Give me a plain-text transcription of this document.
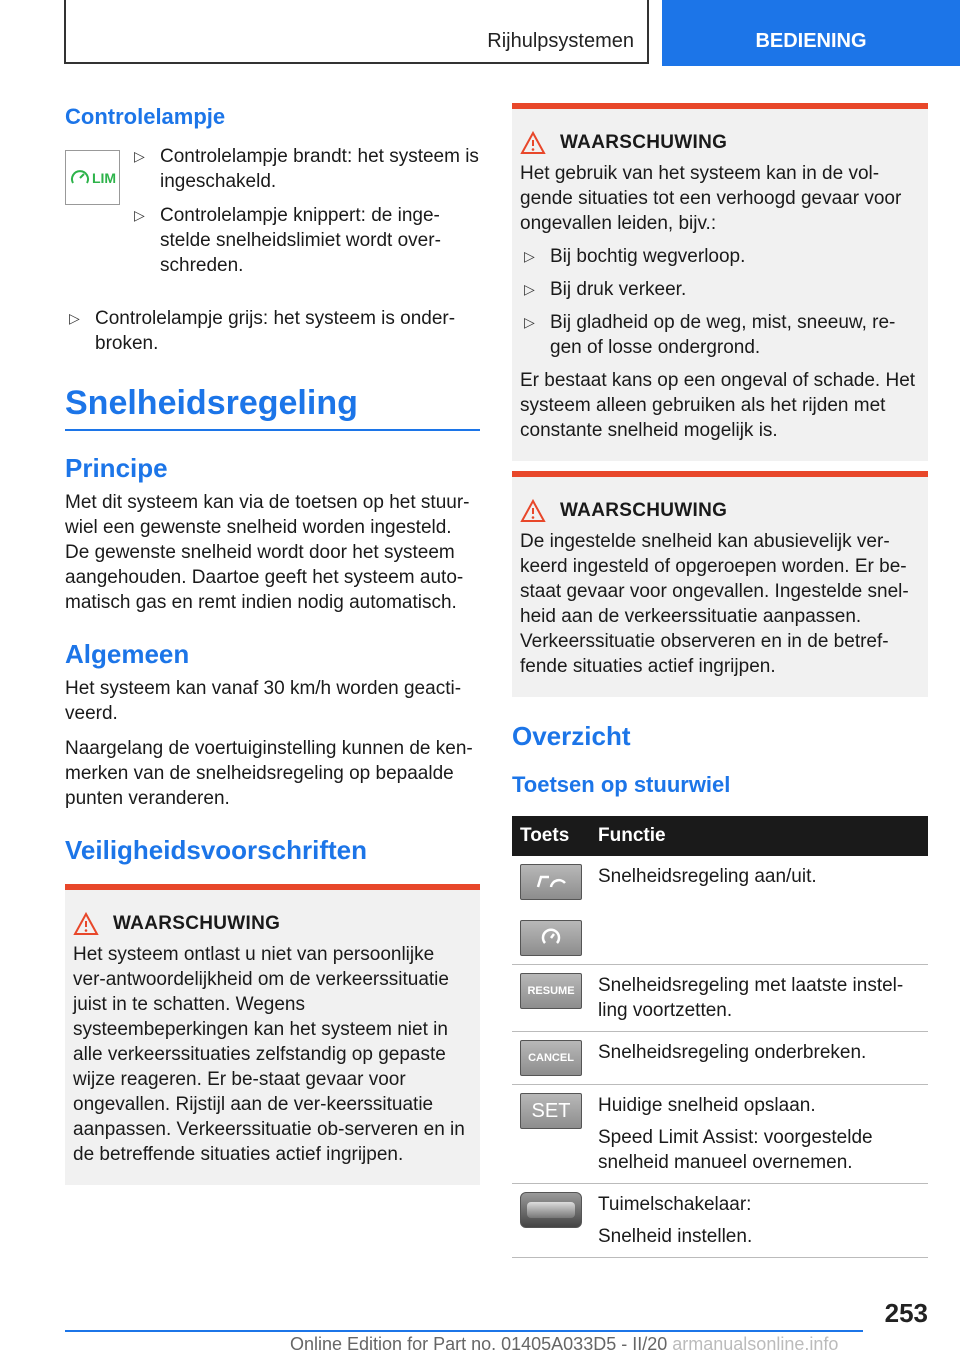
Rijhulpsystemen	BEDIENING
Controlelampje
LIM
▷ Controlelampje brandt: het systeem is ingeschakeld.
▷ Controlelampje knippert: de inge-stelde snelheidslimiet wordt over-schreden.
▷ Controlelampje grijs: het systeem is onder-broken.
Snelheidsregeling
Principe
Met dit systeem kan via de toetsen op het stuur-wiel een gewenste snelheid worden ingesteld. De gewenste snelheid wordt door het systeem aangehouden. Daartoe geeft het systeem auto-matisch gas en remt indien nodig automatisch.
Algemeen
Het systeem kan vanaf 30 km/h worden geacti-veerd.
Naargelang de voertuiginstelling kunnen de ken-merken van de snelheidsregeling op bepaalde punten veranderen.
Veiligheidsvoorschriften
WAARSCHUWING
Het systeem ontlast u niet van persoonlijke ver-antwoordelijkheid om de verkeerssituatie juist in te schatten. Wegens systeembeperkingen kan het systeem niet in alle verkeerssituaties zelfstandig op gepaste wijze reageren. Er be-staat gevaar voor ongevallen. Rijstijl aan de ver-keerssituatie aanpassen. Verkeerssituatie ob-serveren en in de betreffende situaties actief ingrijpen.
WAARSCHUWING
Het gebruik van het systeem kan in de vol-gende situaties tot een verhoogd gevaar voor ongevallen leiden, bijv.:
▷ Bij bochtig wegverloop.
▷ Bij druk verkeer.
▷ Bij gladheid op de weg, mist, sneeuw, re-gen of losse ondergrond.
Er bestaat kans op een ongeval of schade. Het systeem alleen gebruiken als het rijden met constante snelheid mogelijk is.
WAARSCHUWING
De ingestelde snelheid kan abusievelijk ver-keerd ingesteld of opgeroepen worden. Er be-staat gevaar voor ongevallen. Ingestelde snel-heid aan de verkeerssituatie aanpassen. Verkeerssituatie observeren en in de betref-fende situaties actief ingrijpen.
Overzicht
Toetsen op stuurwiel
Toets	Functie

	Snelheidsregeling aan/uit.

RESUME	Snelheidsregeling met laatste instel-ling voortzetten.

CANCEL	Snelheidsregeling onderbreken.

SET	Huidige snelheid opslaan.
Speed Limit Assist: voorgestelde snelheid manueel overnemen.

	Tuimelschakelaar:
Snelheid instellen.
253
Online Edition for Part no. 01405A033D5 - II/20 armanualsonline.info
